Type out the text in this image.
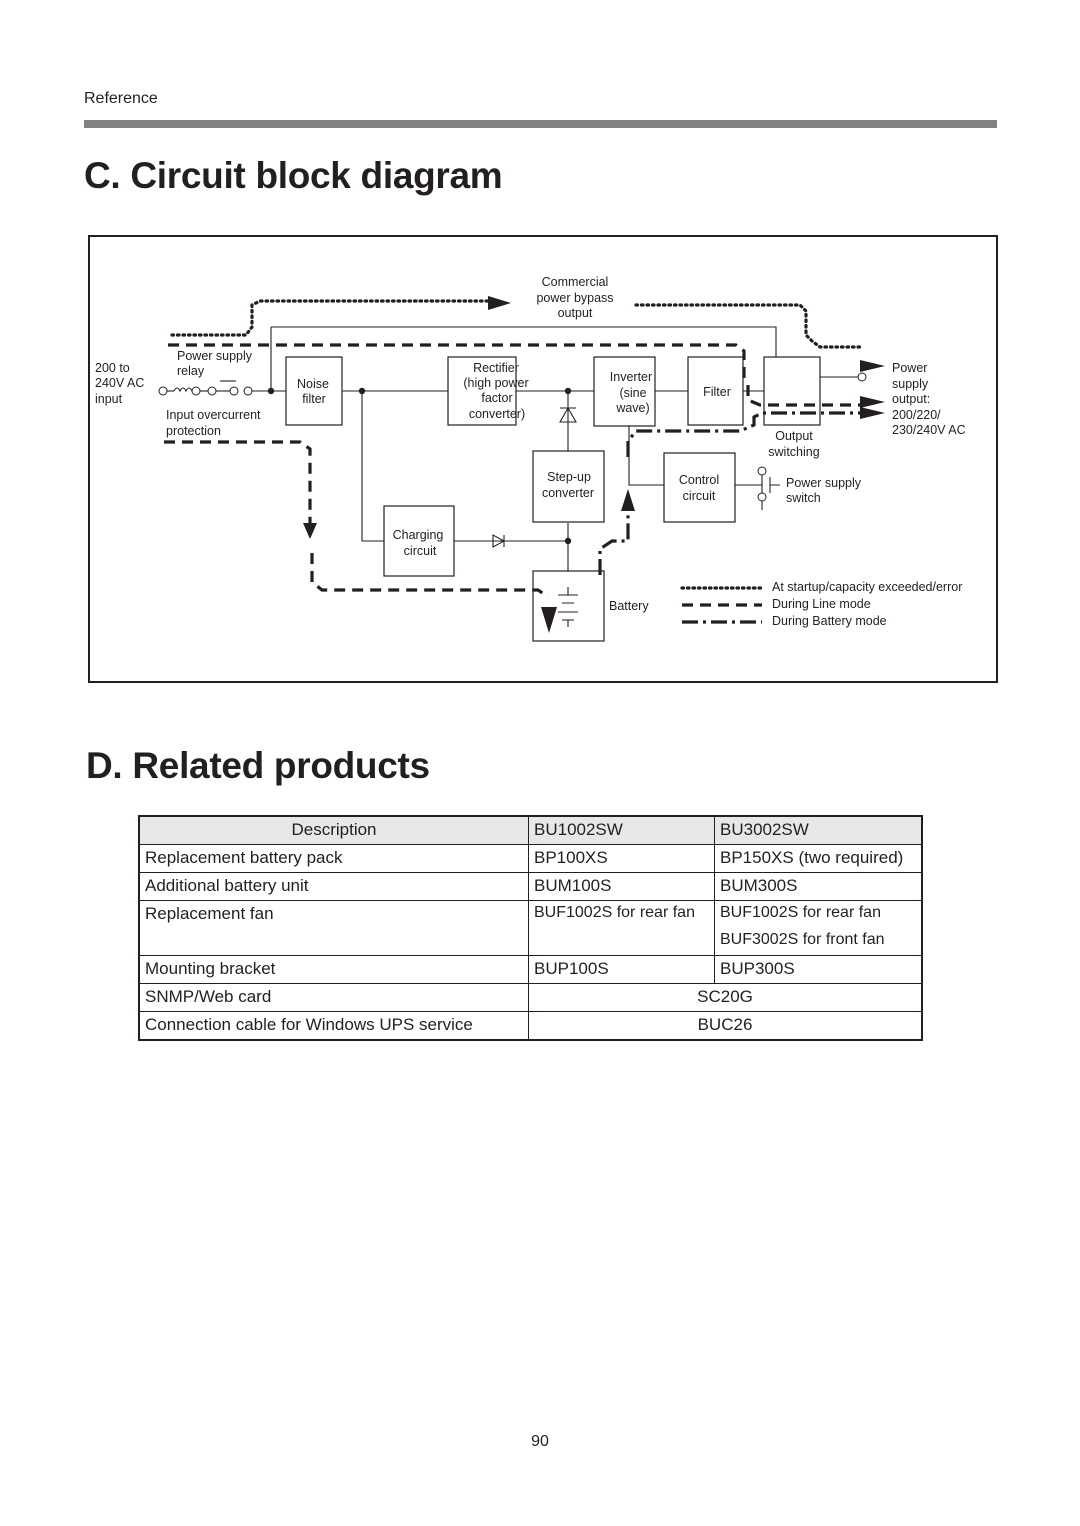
Reference
C. Circuit block diagram
At startup/capacity exceeded/error
During Line mode
During Battery mode
200 to
240V AC
input
Power supply
relay
Input overcurrent
protection
Noise
filter
Rectifier
(high power
factor
converter)
Inverter
(sine
wave)
Filter
Commercial
power bypass
output
Output
switching
Power
supply
output:
200/220/
230/240V AC
Step-up
converter
Control
circuit
Power supply
switch
Charging
circuit
Battery
D. Related products
Description	BU1002SW	BU3002SW
Replacement battery pack	BP100XS	BP150XS (two required)
Additional battery unit	BUM100S	BUM300S
Replacement fan	BUF1002S for rear fan	BUF1002S for rear fan
		BUF3002S for front fan
Mounting bracket	BUP100S	BUP300S
SNMP/Web card	SC20G	
Connection cable for Windows UPS service	BUC26	
90
